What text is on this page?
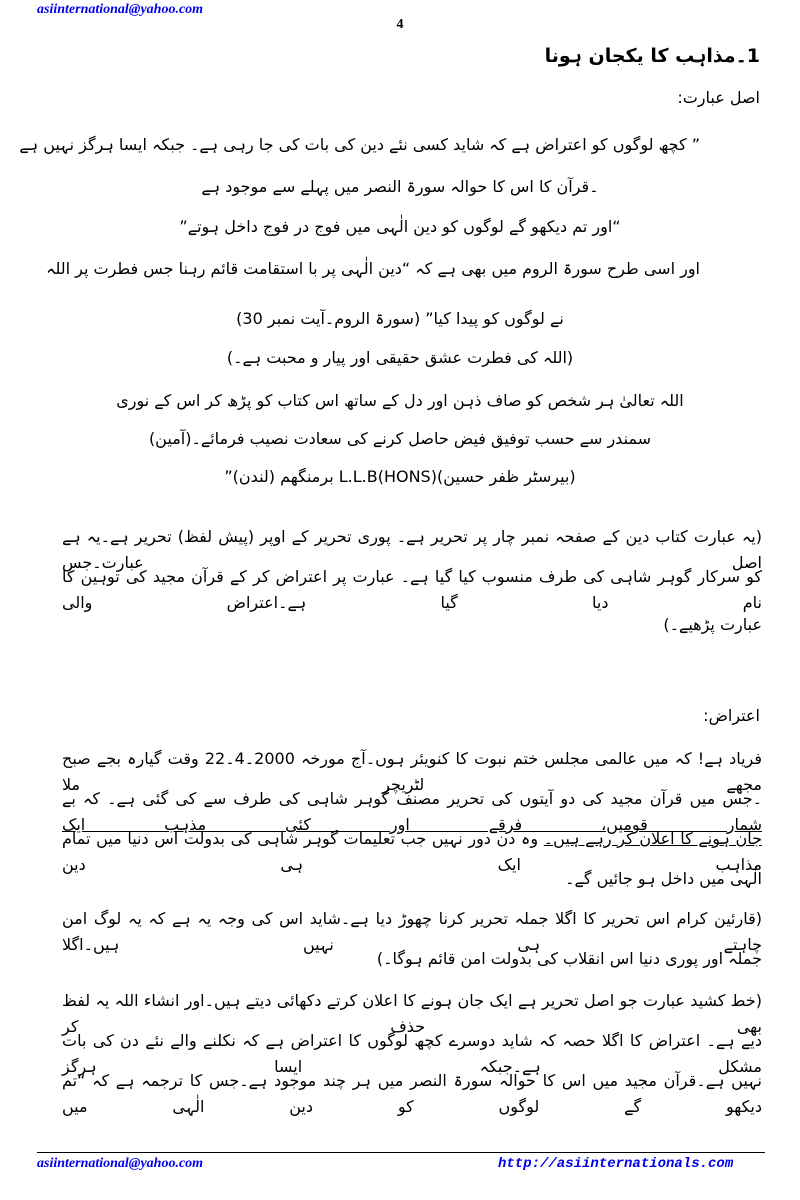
asiinternational@yahoo.com
4
1۔مذاہب کا یکجان ہونا
اصل عبارت:
” کچھ لوگوں کو اعتراض ہے کہ شاید کسی نئے دین کی بات کی جا رہی ہے۔ جبکہ ایسا ہرگز نہیں ہے
۔قرآن کا اس کا حوالہ سورۃ النصر میں پہلے سے موجود ہے
“اور تم دیکھو گے لوگوں کو دین الٰہی میں فوج در فوج داخل ہوتے”
اور اسی طرح سورۃ الروم میں بھی ہے کہ “دین الٰہی پر با استقامت قائم رہنا جس فطرت پر اللہ
نے لوگوں کو پیدا کیا” (سورۃ الروم۔آیت نمبر 30)
(اللہ کی فطرت عشق حقیقی اور پیار و محبت ہے۔)
اللہ تعالیٰ ہر شخص کو صاف ذہن اور دل کے ساتھ اس کتاب کو پڑھ کر اس کے نوری
سمندر سے حسب توفیق فیض حاصل کرنے کی سعادت نصیب فرمائے۔(آمین)
(بیرسٹر ظفر حسین)(L.L.B(HONS برمنگھم (لندن)”
(یہ عبارت کتاب دین کے صفحہ نمبر چار پر تحریر ہے۔ پوری تحریر کے اوپر (پیش لفظ) تحریر ہے۔یہ ہے اصل عبارت۔جس
کو سرکار گوہر شاہی کی طرف منسوب کیا گیا ہے۔ عبارت پر اعتراض کر کے قرآن مجید کی توہین کا نام دیا گیا ہے۔اعتراض والی
عبارت پڑھیے۔)
اعتراض:
فریاد ہے! کہ میں عالمی مجلس ختم نبوت کا کنویئر ہوں۔آج مورخہ 2000۔4۔22 وقت گیارہ بجے صبح مجھے لٹریچر ملا
۔جس میں قرآن مجید کی دو آیتوں کی تحریر مصنف گوہر شاہی کی طرف سے کی گئی ہے۔ کہ بے شمار قومیں، فرقے اور کئی مذہب ایک
جان ہونے کا اعلان کر رہے ہیں۔ وہ دن دور نہیں جب تعلیمات گوہر شاہی کی بدولت اس دنیا میں تمام مذاہب ایک ہی دین
الٰہی میں داخل ہو جائیں گے۔
(قارئین کرام اس تحریر کا اگلا جملہ تحریر کرنا چھوڑ دیا ہے۔شاید اس کی وجہ یہ ہے کہ یہ لوگ امن چاہتے ہی نہیں ہیں۔اگلا
جملہ اور پوری دنیا اس انقلاب کی بدولت امن قائم ہوگا۔)
(خط کشید عبارت جو اصل تحریر ہے ایک جان ہونے کا اعلان کرتے دکھائی دیتے ہیں۔اور انشاء اللہ یہ لفظ بھی حذف کر
دیے ہے۔ اعتراض کا اگلا حصہ کہ شاید دوسرے کچھ لوگوں کا اعتراض ہے کہ نکلنے والے نئے دن کی بات مشکل ہے۔جبکہ ایسا ہرگز
نہیں ہے۔قرآن مجید میں اس کا حوالہ سورۃ النصر میں ہر چند موجود ہے۔جس کا ترجمہ ہے کہ “تم دیکھو گے لوگوں کو دین الٰہی میں
asiinternational@yahoo.com	http://asiinternationals.com
